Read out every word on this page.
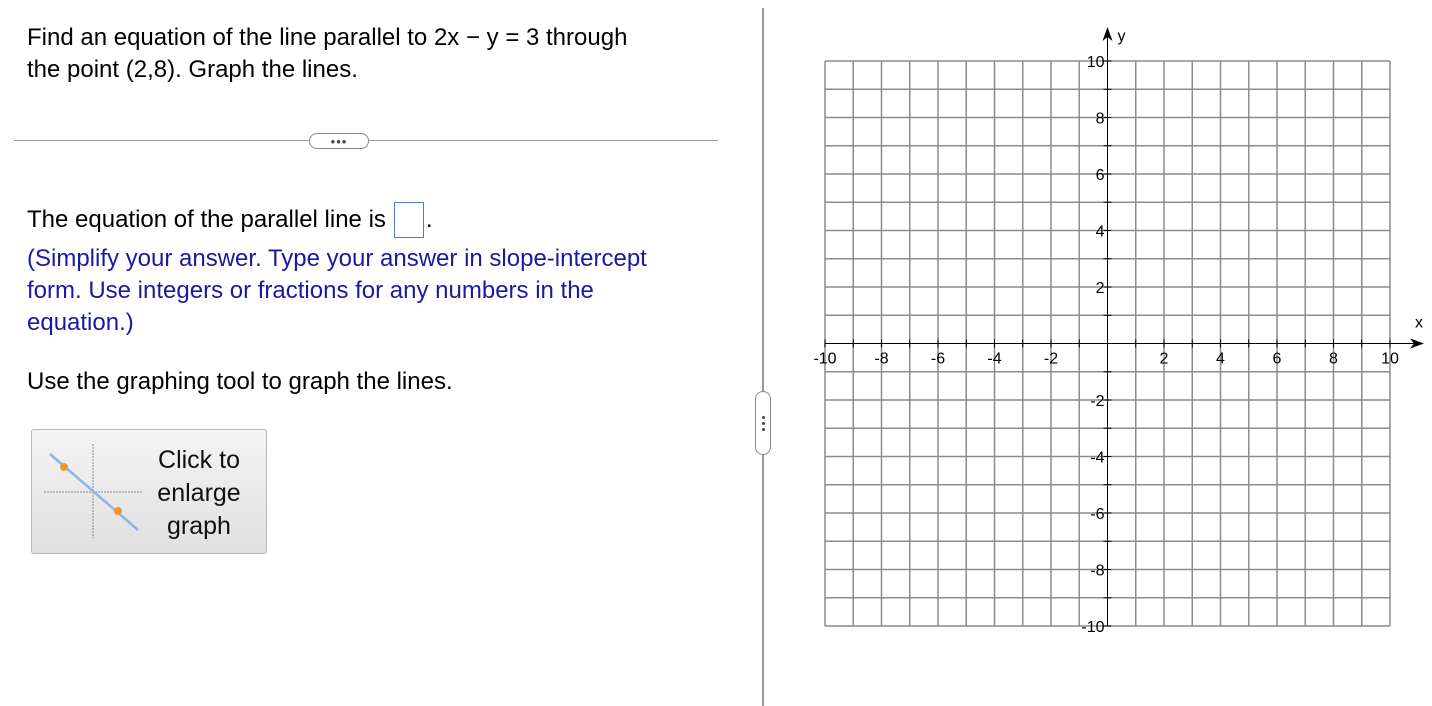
Find an equation of the line parallel to 2x − y = 3 through
the point (2,8). Graph the lines.
•••
The equation of the parallel line is .
(Simplify your answer. Type your answer in slope-intercept
form. Use integers or fractions for any numbers in the
equation.)
Use the graphing tool to graph the lines.
Click to
enlarge
graph
x
y
-10 -8	-6	-4	-2	2	4	6	8	10
10
8
6
4
2
-2
-4
-6
-8
-10
